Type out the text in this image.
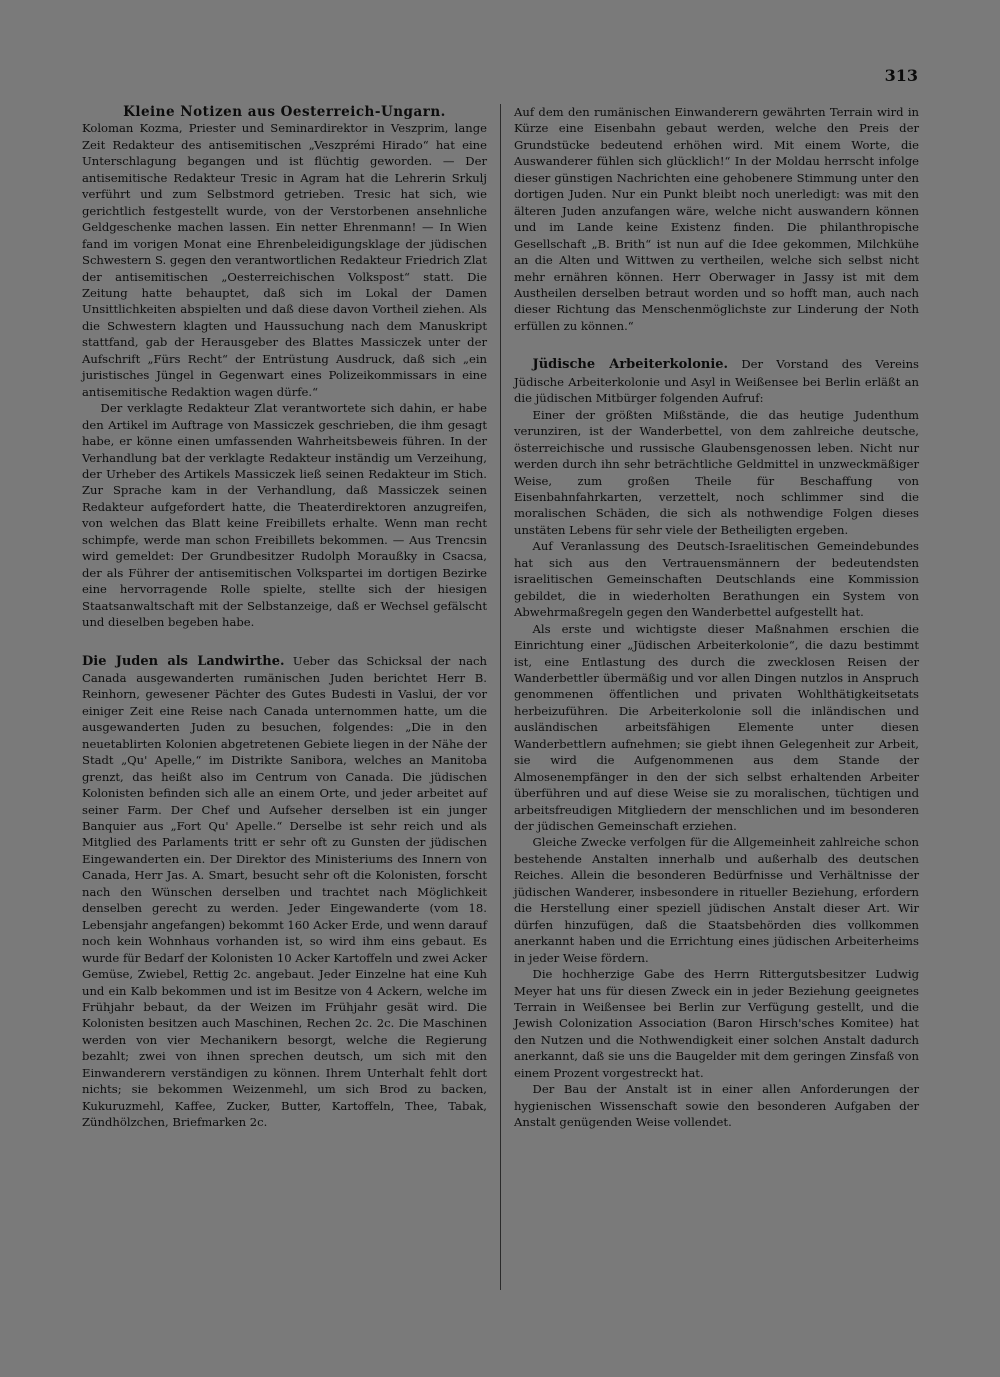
313
Kleine Notizen aus Oesterreich-Ungarn.

Koloman Kozma, Priester und Seminardirektor in Veszprim, lange Zeit Redakteur des antisemitischen „Veszprémi Hirado“ hat eine Unterschlagung begangen und ist flüchtig geworden. — Der antisemitische Redakteur Tresic in Agram hat die Lehrerin Srkulj verführt und zum Selbstmord getrieben. Tresic hat sich, wie gerichtlich festgestellt wurde, von der Verstorbenen ansehnliche Geldgeschenke machen lassen. Ein netter Ehrenmann! — In Wien fand im vorigen Monat eine Ehrenbeleidigungsklage der jüdischen Schwestern S. gegen den verantwortlichen Redakteur Friedrich Zlat der antisemitischen „Oesterreichischen Volkspost“ statt. Die Zeitung hatte behauptet, daß sich im Lokal der Damen Unsittlichkeiten abspielten und daß diese davon Vortheil ziehen. Als die Schwestern klagten und Haussuchung nach dem Manuskript stattfand, gab der Herausgeber des Blattes Massiczek unter der Aufschrift „Fürs Recht“ der Entrüstung Ausdruck, daß sich „ein juristisches Jüngel in Gegenwart eines Polizeikommissars in eine antisemitische Redaktion wagen dürfe.“

Der verklagte Redakteur Zlat verantwortete sich dahin, er habe den Artikel im Auftrage von Massiczek geschrieben, die ihm gesagt habe, er könne einen umfassenden Wahrheitsbeweis führen. In der Verhandlung bat der verklagte Redakteur inständig um Verzeihung, der Urheber des Artikels Massiczek ließ seinen Redakteur im Stich. Zur Sprache kam in der Verhandlung, daß Massiczek seinen Redakteur aufgefordert hatte, die Theaterdirektoren anzugreifen, von welchen das Blatt keine Freibillets erhalte. Wenn man recht schimpfe, werde man schon Freibillets bekommen. — Aus Trencsin wird gemeldet: Der Grundbesitzer Rudolph Moraußky in Csacsa, der als Führer der antisemitischen Volkspartei im dortigen Bezirke eine hervorragende Rolle spielte, stellte sich der hiesigen Staatsanwaltschaft mit der Selbstanzeige, daß er Wechsel gefälscht und dieselben begeben habe.

Die Juden als Landwirthe. Ueber das Schicksal der nach Canada ausgewanderten rumänischen Juden berichtet Herr B. Reinhorn, gewesener Pächter des Gutes Budesti in Vaslui, der vor einiger Zeit eine Reise nach Canada unternommen hatte, um die ausgewanderten Juden zu besuchen, folgendes: „Die in den neuetablirten Kolonien abgetretenen Gebiete liegen in der Nähe der Stadt „Qu' Apelle,“ im Distrikte Sanibora, welches an Manitoba grenzt, das heißt also im Centrum von Canada. Die jüdischen Kolonisten befinden sich alle an einem Orte, und jeder arbeitet auf seiner Farm. Der Chef und Aufseher derselben ist ein junger Banquier aus „Fort Qu' Apelle.“ Derselbe ist sehr reich und als Mitglied des Parlaments tritt er sehr oft zu Gunsten der jüdischen Eingewanderten ein. Der Direktor des Ministeriums des Innern von Canada, Herr Jas. A. Smart, besucht sehr oft die Kolonisten, forscht nach den Wünschen derselben und trachtet nach Möglichkeit denselben gerecht zu werden. Jeder Eingewanderte (vom 18. Lebensjahr angefangen) bekommt 160 Acker Erde, und wenn darauf noch kein Wohnhaus vorhanden ist, so wird ihm eins gebaut. Es wurde für Bedarf der Kolonisten 10 Acker Kartoffeln und zwei Acker Gemüse, Zwiebel, Rettig 2c. angebaut. Jeder Einzelne hat eine Kuh und ein Kalb bekommen und ist im Besitze von 4 Ackern, welche im Frühjahr bebaut, da der Weizen im Frühjahr gesät wird. Die Kolonisten besitzen auch Maschinen, Rechen 2c. 2c. Die Maschinen werden von vier Mechanikern besorgt, welche die Regierung bezahlt; zwei von ihnen sprechen deutsch, um sich mit den Einwanderern verständigen zu können. Ihrem Unterhalt fehlt dort nichts; sie bekommen Weizenmehl, um sich Brod zu backen, Kukuruzmehl, Kaffee, Zucker, Butter, Kartoffeln, Thee, Tabak, Zündhölzchen, Briefmarken 2c.

Auf dem den rumänischen Einwanderern gewährten Terrain wird in Kürze eine Eisenbahn gebaut werden, welche den Preis der Grundstücke bedeutend erhöhen wird. Mit einem Worte, die Auswanderer fühlen sich glücklich!“ In der Moldau herrscht infolge dieser günstigen Nachrichten eine gehobenere Stimmung unter den dortigen Juden. Nur ein Punkt bleibt noch unerledigt: was mit den älteren Juden anzufangen wäre, welche nicht auswandern können und im Lande keine Existenz finden. Die philanthropische Gesellschaft „B. Brith“ ist nun auf die Idee gekommen, Milchkühe an die Alten und Wittwen zu vertheilen, welche sich selbst nicht mehr ernähren können. Herr Oberwager in Jassy ist mit dem Austheilen derselben betraut worden und so hofft man, auch nach dieser Richtung das Menschenmöglichste zur Linderung der Noth erfüllen zu können.“

Jüdische Arbeiterkolonie. Der Vorstand des Vereins Jüdische Arbeiterkolonie und Asyl in Weißensee bei Berlin erläßt an die jüdischen Mitbürger folgenden Aufruf:

Einer der größten Mißstände, die das heutige Judenthum verunziren, ist der Wanderbettel, von dem zahlreiche deutsche, österreichische und russische Glaubensgenossen leben. Nicht nur werden durch ihn sehr beträchtliche Geldmittel in unzweckmäßiger Weise, zum großen Theile für Beschaffung von Eisenbahnfahrkarten, verzettelt, noch schlimmer sind die moralischen Schäden, die sich als nothwendige Folgen dieses unstäten Lebens für sehr viele der Betheiligten ergeben.

Auf Veranlassung des Deutsch-Israelitischen Gemeindebundes hat sich aus den Vertrauensmännern der bedeutendsten israelitischen Gemeinschaften Deutschlands eine Kommission gebildet, die in wiederholten Berathungen ein System von Abwehrmaßregeln gegen den Wanderbettel aufgestellt hat.

Als erste und wichtigste dieser Maßnahmen erschien die Einrichtung einer „Jüdischen Arbeiterkolonie“, die dazu bestimmt ist, eine Entlastung des durch die zwecklosen Reisen der Wanderbettler übermäßig und vor allen Dingen nutzlos in Anspruch genommenen öffentlichen und privaten Wohlthätigkeitsetats herbeizuführen. Die Arbeiterkolonie soll die inländischen und ausländischen arbeitsfähigen Elemente unter diesen Wanderbettlern aufnehmen; sie giebt ihnen Gelegenheit zur Arbeit, sie wird die Aufgenommenen aus dem Stande der Almosenempfänger in den der sich selbst erhaltenden Arbeiter überführen und auf diese Weise sie zu moralischen, tüchtigen und arbeitsfreudigen Mitgliedern der menschlichen und im besonderen der jüdischen Gemeinschaft erziehen.

Gleiche Zwecke verfolgen für die Allgemeinheit zahlreiche schon bestehende Anstalten innerhalb und außerhalb des deutschen Reiches. Allein die besonderen Bedürfnisse und Verhältnisse der jüdischen Wanderer, insbesondere in ritueller Beziehung, erfordern die Herstellung einer speziell jüdischen Anstalt dieser Art. Wir dürfen hinzufügen, daß die Staatsbehörden dies vollkommen anerkannt haben und die Errichtung eines jüdischen Arbeiterheims in jeder Weise fördern.

Die hochherzige Gabe des Herrn Rittergutsbesitzer Ludwig Meyer hat uns für diesen Zweck ein in jeder Beziehung geeignetes Terrain in Weißensee bei Berlin zur Verfügung gestellt, und die Jewish Colonization Association (Baron Hirsch'sches Komitee) hat den Nutzen und die Nothwendigkeit einer solchen Anstalt dadurch anerkannt, daß sie uns die Baugelder mit dem geringen Zinsfaß von einem Prozent vorgestreckt hat.

Der Bau der Anstalt ist in einer allen Anforderungen der hygienischen Wissenschaft sowie den besonderen Aufgaben der Anstalt genügenden Weise vollendet.
